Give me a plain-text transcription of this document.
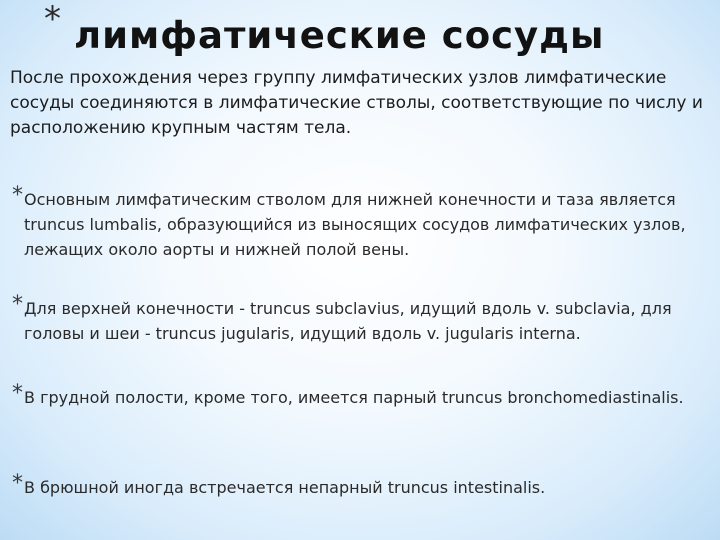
* лимфатические сосуды
После прохождения через группу лимфатических узлов лимфатические сосуды соединяются в лимфатические стволы, соответствующие по числу и расположению крупным частям тела.
* Основным лимфатическим стволом для нижней конечности и таза является truncus lumbalis, образующийся из выносящих сосудов лимфатических узлов, лежащих около аорты и нижней полой вены.
* Для верхней конечности - truncus subclavius, идущий вдоль v. subclavia, для головы и шеи - truncus jugularis, идущий вдоль v. jugularis interna.
* В грудной полости, кроме того, имеется парный truncus bronchomediastinalis.
* В брюшной иногда встречается непарный truncus intestinalis.
